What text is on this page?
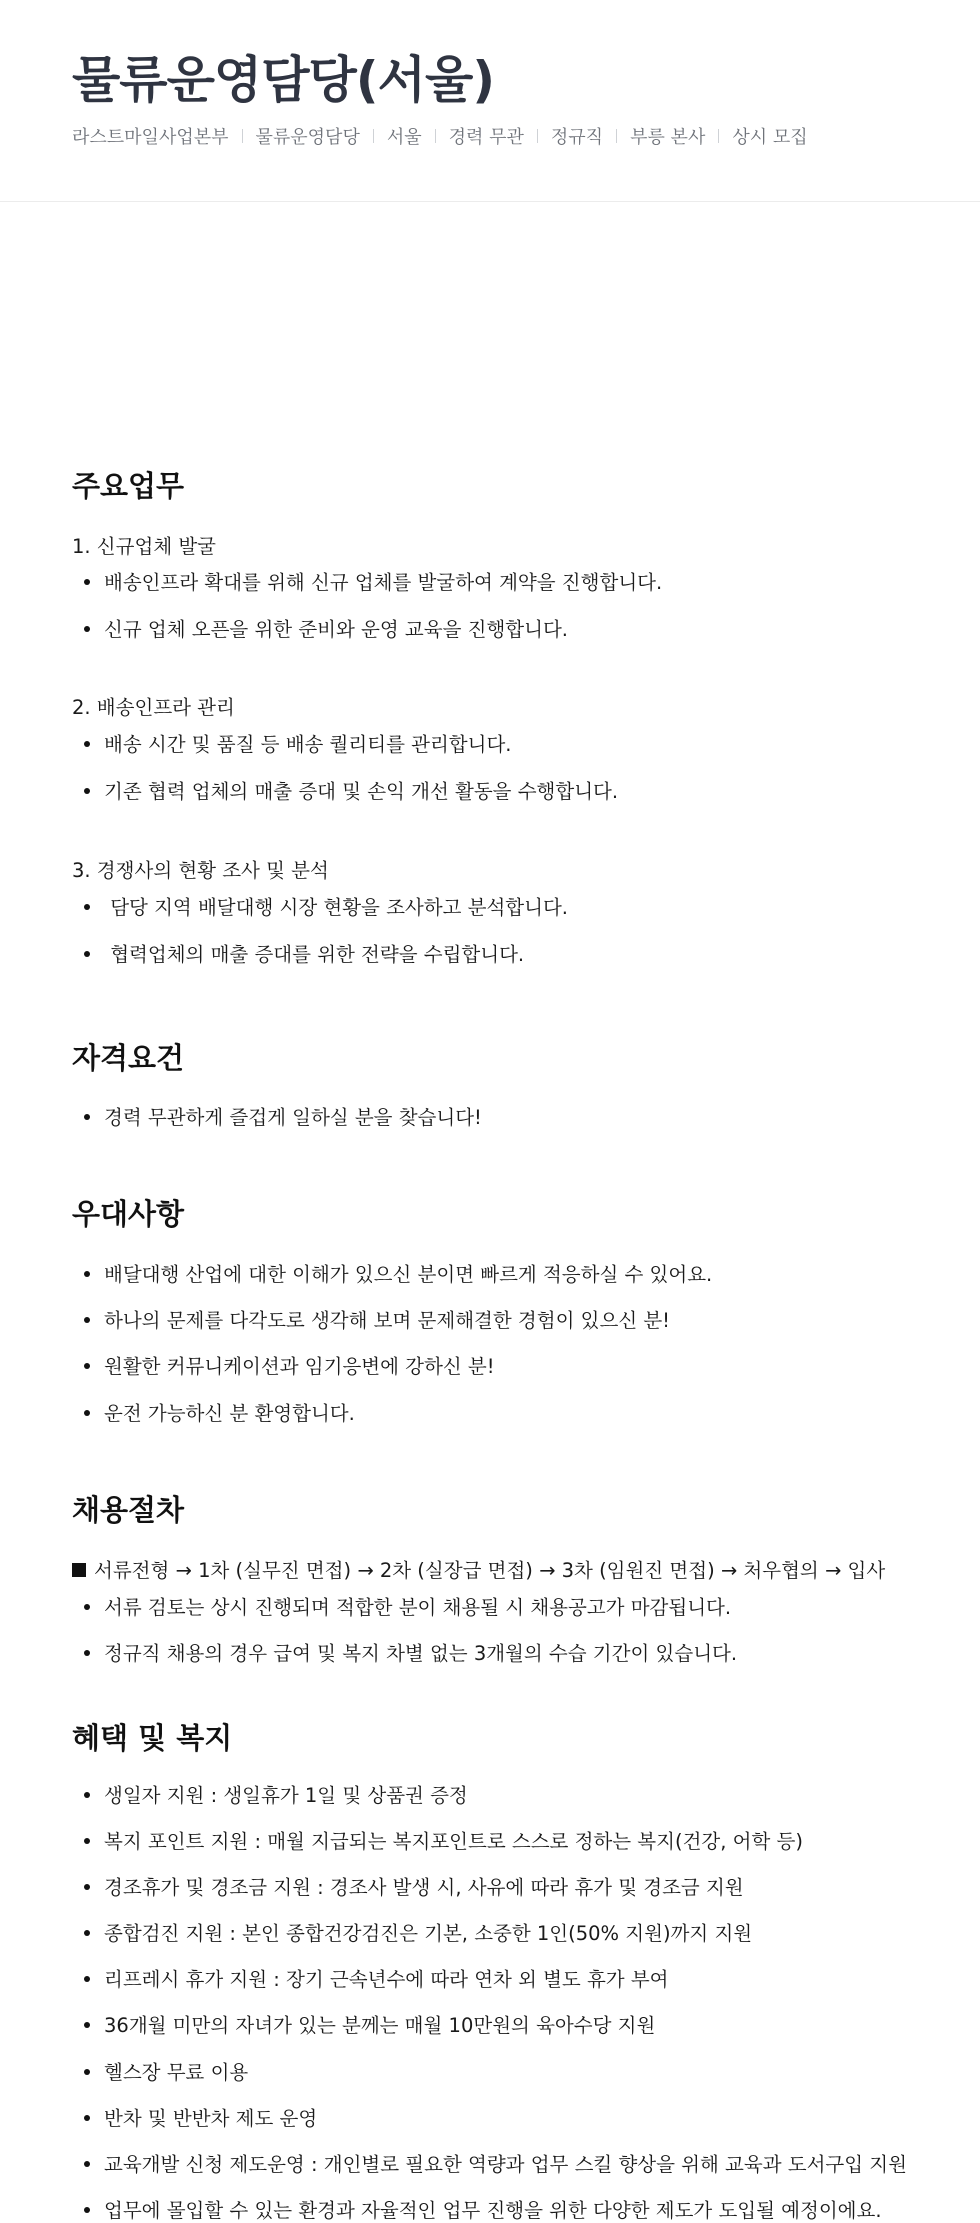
물류운영담당(서울)
라스트마일사업본부 물류운영담당 서울 경력 무관 정규직 부릉 본사 상시 모집
주요업무
1. 신규업체 발굴
배송인프라 확대를 위해 신규 업체를 발굴하여 계약을 진행합니다.
신규 업체 오픈을 위한 준비와 운영 교육을 진행합니다.
2. 배송인프라 관리
배송 시간 및 품질 등 배송 퀄리티를 관리합니다.
기존 협력 업체의 매출 증대 및 손익 개선 활동을 수행합니다.
3. 경쟁사의 현황 조사 및 분석
담당 지역 배달대행 시장 현황을 조사하고 분석합니다.
협력업체의 매출 증대를 위한 전략을 수립합니다.
자격요건
경력 무관하게 즐겁게 일하실 분을 찾습니다!
우대사항
배달대행 산업에 대한 이해가 있으신 분이면 빠르게 적응하실 수 있어요.
하나의 문제를 다각도로 생각해 보며 문제해결한 경험이 있으신 분!
원활한 커뮤니케이션과 임기응변에 강하신 분!
운전 가능하신 분 환영합니다.
채용절차
서류전형 → 1차 (실무진 면접) → 2차 (실장급 면접) → 3차 (임원진 면접) → 처우협의 → 입사
서류 검토는 상시 진행되며 적합한 분이 채용될 시 채용공고가 마감됩니다.
정규직 채용의 경우 급여 및 복지 차별 없는 3개월의 수습 기간이 있습니다.
혜택 및 복지
생일자 지원 : 생일휴가 1일 및 상품권 증정
복지 포인트 지원 : 매월 지급되는 복지포인트로 스스로 정하는 복지(건강, 어학 등)
경조휴가 및 경조금 지원 : 경조사 발생 시, 사유에 따라 휴가 및 경조금 지원
종합검진 지원 : 본인 종합건강검진은 기본, 소중한 1인(50% 지원)까지 지원
리프레시 휴가 지원 : 장기 근속년수에 따라 연차 외 별도 휴가 부여
36개월 미만의 자녀가 있는 분께는 매월 10만원의 육아수당 지원
헬스장 무료 이용
반차 및 반반차 제도 운영
교육개발 신청 제도운영 : 개인별로 필요한 역량과 업무 스킬 향상을 위해 교육과 도서구입 지원
업무에 몰입할 수 있는 환경과 자율적인 업무 진행을 위한 다양한 제도가 도입될 예정이에요.
